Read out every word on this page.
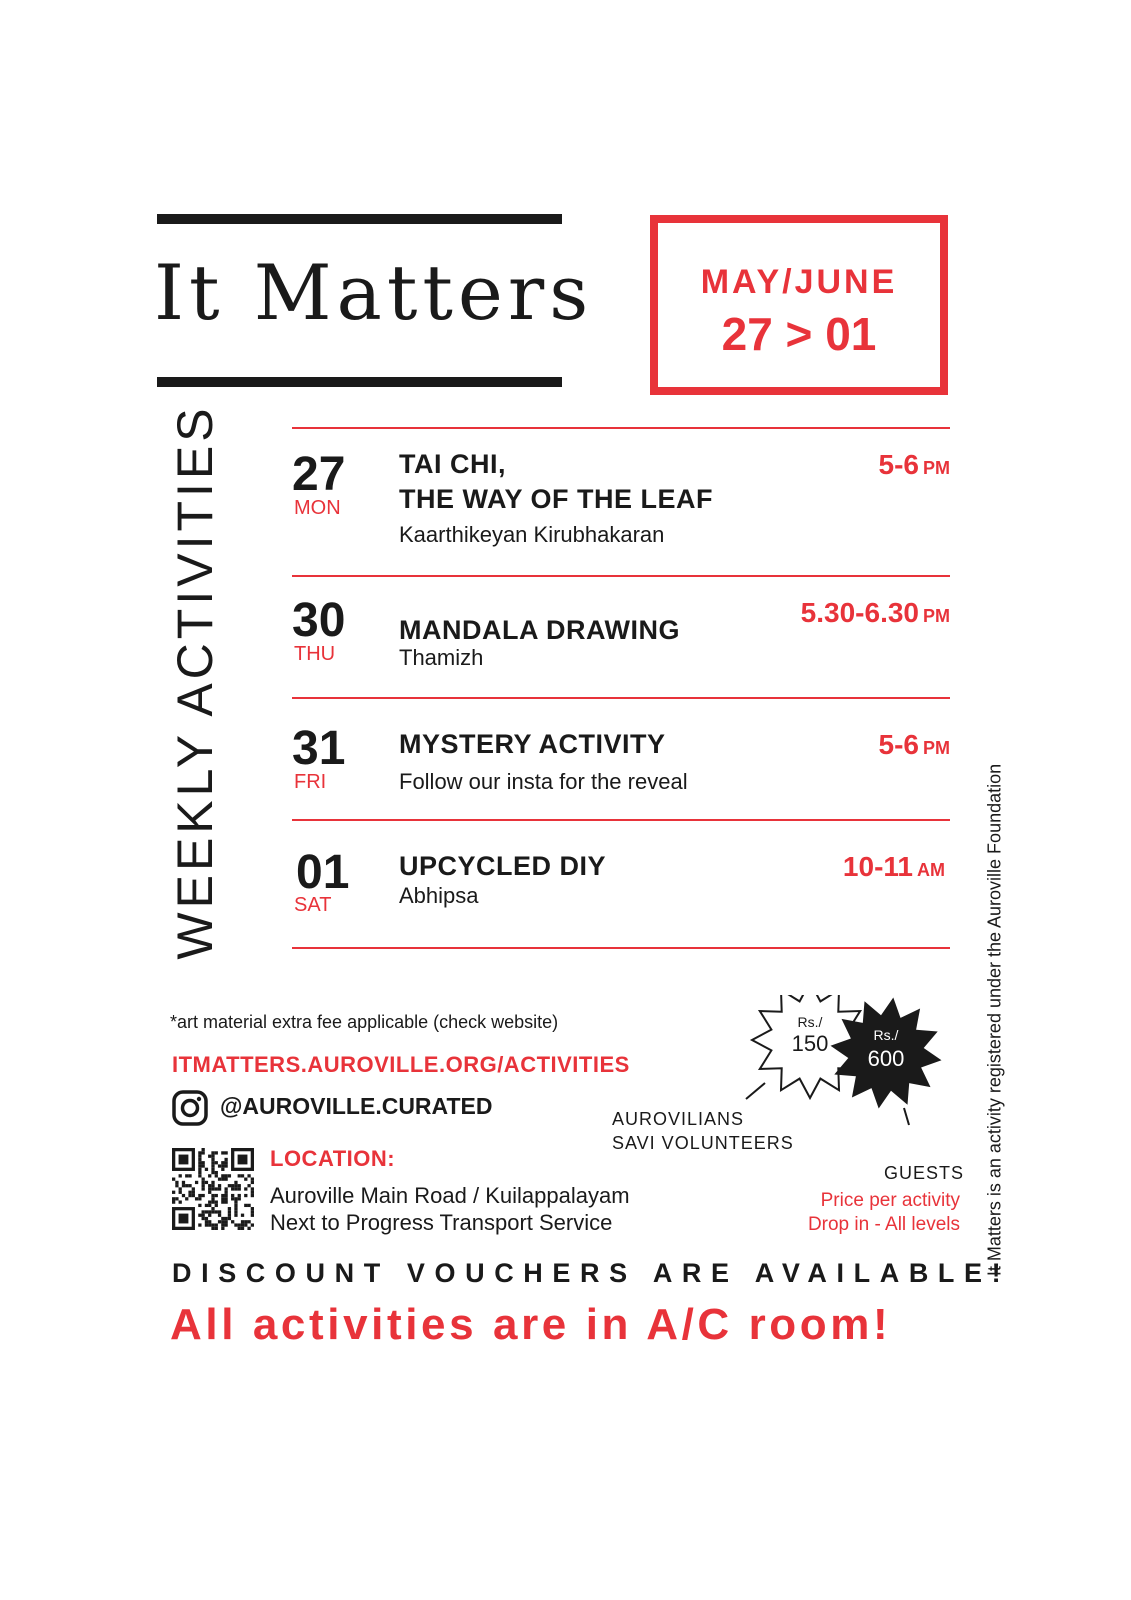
It Matters	MAY/JUNE
27 > 01
WEEKLY ACTIVITIES 27
MON
TAI CHI,
THE WAY OF THE LEAF
Kaarthikeyan Kirubhakaran
5-6 PM
30
THU
MANDALA DRAWING
Thamizh
5.30-6.30 PM
31
FRI
MYSTERY ACTIVITY
Follow our insta for the reveal
5-6 PM
01
SAT
UPCYCLED DIY
Abhipsa
10-11 AM
*art material extra fee applicable (check website)
ITMATTERS.AUROVILLE.ORG/ACTIVITIES
@AUROVILLE.CURATED
LOCATION:
Auroville Main Road / Kuilappalayam
Next to Progress Transport Service
Rs./
150	Rs./
600
AUROVILIANS
SAVI VOLUNTEERS
GUESTS
Price per activity
Drop in - All levels
DISCOUNT VOUCHERS ARE AVAILABLE!
All activities are in A/C room!
It Matters is an activity registered under the Auroville Foundation
